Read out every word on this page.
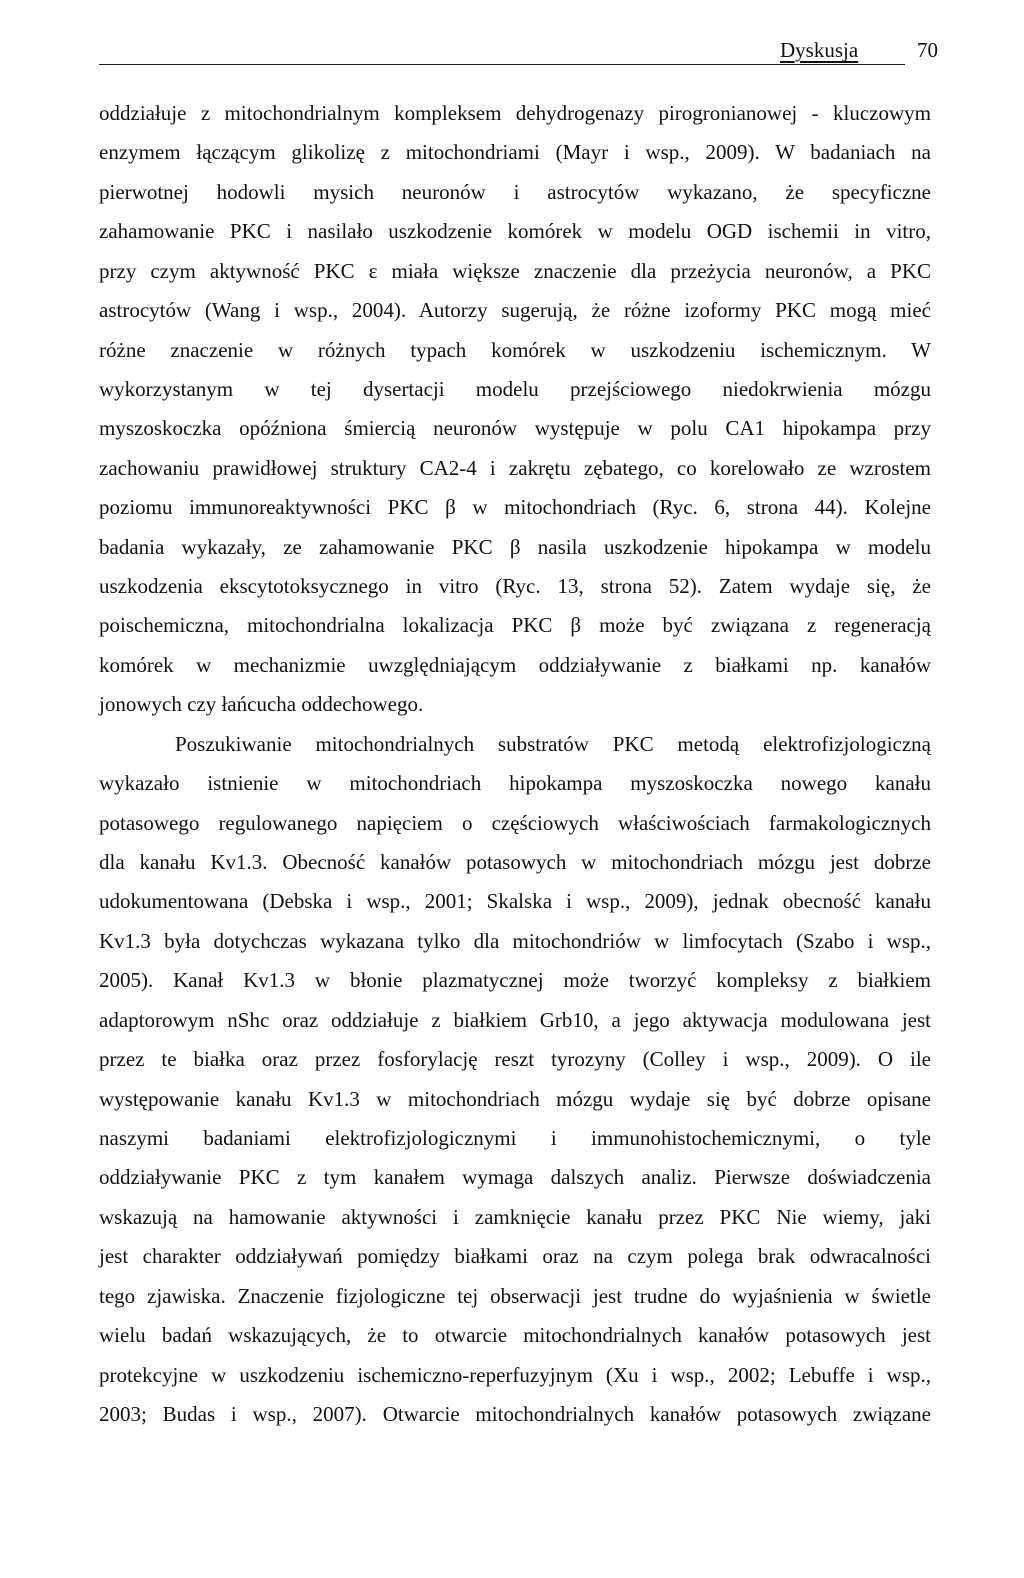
Dyskusja	70
oddziałuje z mitochondrialnym kompleksem dehydrogenazy pirogronianowej - kluczowym
enzymem łączącym glikolizę z mitochondriami (Mayr i wsp., 2009). W badaniach na
pierwotnej hodowli mysich neuronów i astrocytów wykazano, że specyficzne
zahamowanie PKC i nasilało uszkodzenie komórek w modelu OGD ischemii in vitro,
przy czym aktywność PKC ε miała większe znaczenie dla przeżycia neuronów, a PKC
astrocytów (Wang i wsp., 2004). Autorzy sugerują, że różne izoformy PKC mogą mieć
różne znaczenie w różnych typach komórek w uszkodzeniu ischemicznym. W
wykorzystanym w tej dysertacji modelu przejściowego niedokrwienia mózgu
myszoskoczka opóźniona śmiercią neuronów występuje w polu CA1 hipokampa przy
zachowaniu prawidłowej struktury CA2-4 i zakrętu zębatego, co korelowało ze wzrostem
poziomu immunoreaktywności PKC β w mitochondriach (Ryc. 6, strona 44). Kolejne
badania wykazały, ze zahamowanie PKC β nasila uszkodzenie hipokampa w modelu
uszkodzenia ekscytotoksycznego in vitro (Ryc. 13, strona 52). Zatem wydaje się, że
poischemiczna, mitochondrialna lokalizacja PKC β może być związana z regeneracją
komórek w mechanizmie uwzględniającym oddziaływanie z białkami np. kanałów
jonowych czy łańcucha oddechowego.
Poszukiwanie mitochondrialnych substratów PKC metodą elektrofizjologiczną
wykazało istnienie w mitochondriach hipokampa myszoskoczka nowego kanału
potasowego regulowanego napięciem o częściowych właściwościach farmakologicznych
dla kanału Kv1.3. Obecność kanałów potasowych w mitochondriach mózgu jest dobrze
udokumentowana (Debska i wsp., 2001; Skalska i wsp., 2009), jednak obecność kanału
Kv1.3 była dotychczas wykazana tylko dla mitochondriów w limfocytach (Szabo i wsp.,
2005). Kanał Kv1.3 w błonie plazmatycznej może tworzyć kompleksy z białkiem
adaptorowym nShc oraz oddziałuje z białkiem Grb10, a jego aktywacja modulowana jest
przez te białka oraz przez fosforylację reszt tyrozyny (Colley i wsp., 2009). O ile
występowanie kanału Kv1.3 w mitochondriach mózgu wydaje się być dobrze opisane
naszymi badaniami elektrofizjologicznymi i immunohistochemicznymi, o tyle
oddziaływanie PKC z tym kanałem wymaga dalszych analiz. Pierwsze doświadczenia
wskazują na hamowanie aktywności i zamknięcie kanału przez PKC Nie wiemy, jaki
jest charakter oddziaływań pomiędzy białkami oraz na czym polega brak odwracalności
tego zjawiska. Znaczenie fizjologiczne tej obserwacji jest trudne do wyjaśnienia w świetle
wielu badań wskazujących, że to otwarcie mitochondrialnych kanałów potasowych jest
protekcyjne w uszkodzeniu ischemiczno-reperfuzyjnym (Xu i wsp., 2002; Lebuffe i wsp.,
2003; Budas i wsp., 2007). Otwarcie mitochondrialnych kanałów potasowych związane
